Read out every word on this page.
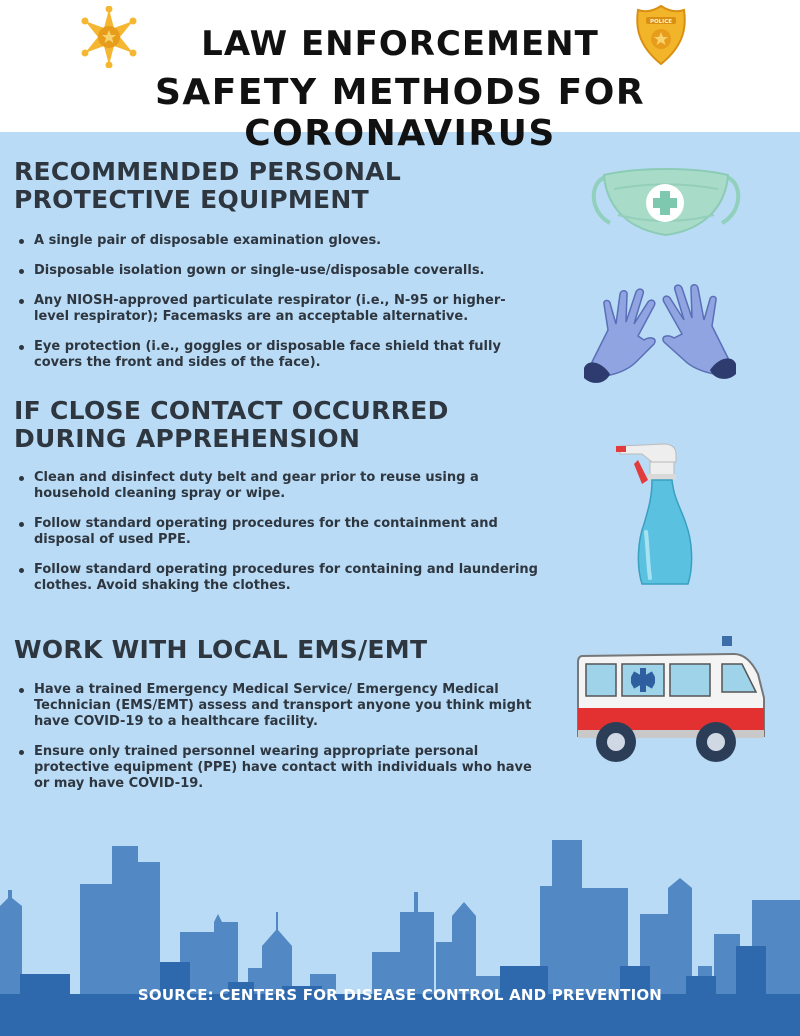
POLICE
LAW ENFORCEMENT
SAFETY METHODS FOR CORONAVIRUS
RECOMMENDED PERSONAL
PROTECTIVE EQUIPMENT
A single pair of disposable examination gloves.
Disposable isolation gown or single-use/disposable coveralls.
Any NIOSH-approved particulate respirator (i.e., N-95 or higher-level respirator); Facemasks are an acceptable alternative.
Eye protection (i.e., goggles or disposable face shield that fully covers the front and sides of the face).
IF CLOSE CONTACT OCCURRED
DURING APPREHENSION
Clean and disinfect duty belt and gear prior to reuse using a household cleaning spray or wipe.
Follow standard operating procedures for the containment and disposal of used PPE.
Follow standard operating procedures for containing and laundering clothes. Avoid shaking the clothes.
WORK WITH LOCAL EMS/EMT
Have a trained Emergency Medical Service/ Emergency Medical Technician (EMS/EMT) assess and transport anyone you think might have COVID-19 to a healthcare facility.
Ensure only trained personnel wearing appropriate personal protective equipment (PPE) have contact with individuals who have or may have COVID-19.
SOURCE: CENTERS FOR DISEASE CONTROL AND PREVENTION
